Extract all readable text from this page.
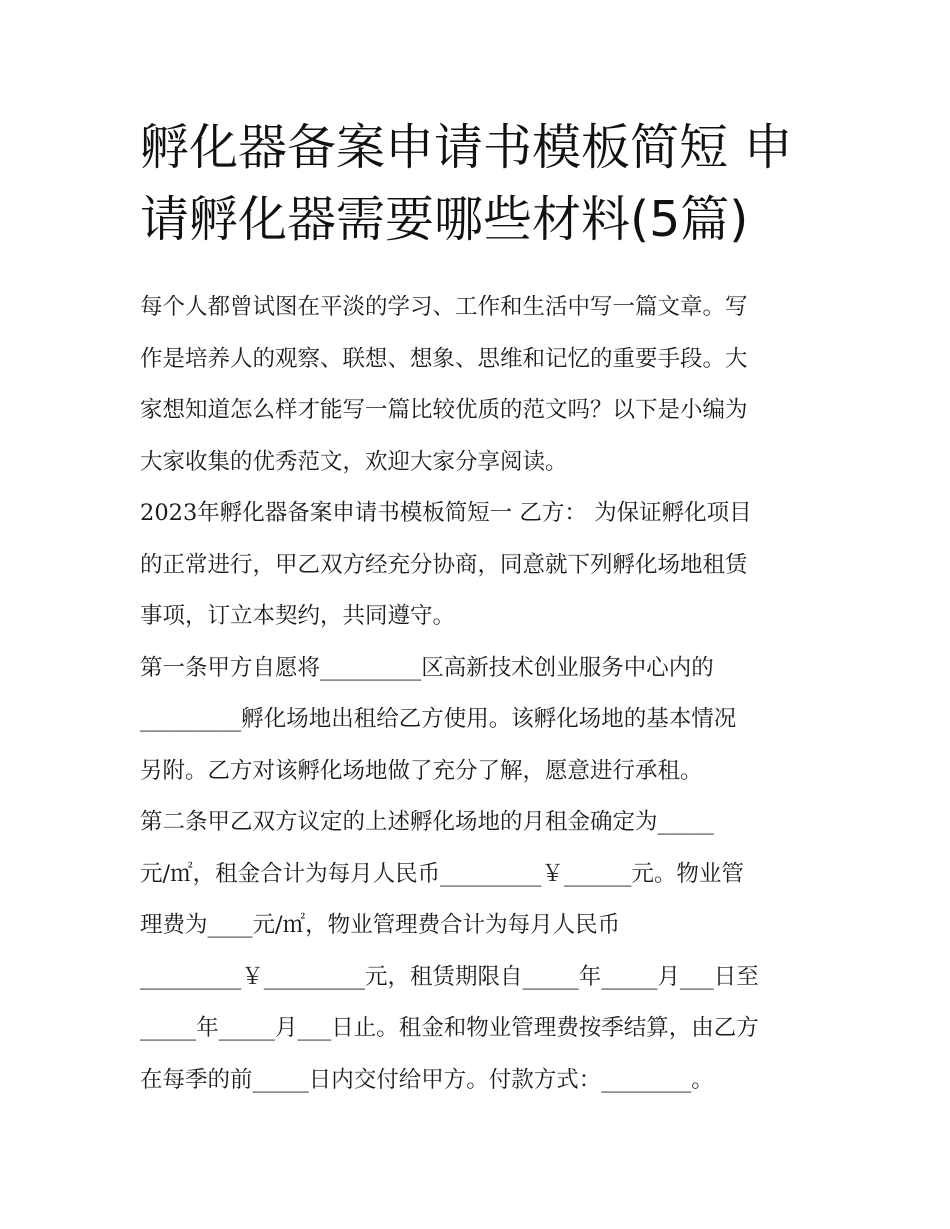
孵化器备案申请书模板简短 申
请孵化器需要哪些材料(5篇)
每个人都曾试图在平淡的学习、工作和生活中写一篇文章。写
作是培养人的观察、联想、想象、思维和记忆的重要手段。大
家想知道怎么样才能写一篇比较优质的范文吗？以下是小编为
大家收集的优秀范文，欢迎大家分享阅读。
2023年孵化器备案申请书模板简短一 乙方： 为保证孵化项目
的正常进行，甲乙双方经充分协商，同意就下列孵化场地租赁
事项，订立本契约，共同遵守。
第一条甲方自愿将_________区高新技术创业服务中心内的
_________孵化场地出租给乙方使用。该孵化场地的基本情况
另附。乙方对该孵化场地做了充分了解，愿意进行承租。
第二条甲乙双方议定的上述孵化场地的月租金确定为_____
元/㎡，租金合计为每月人民币_________￥______元。物业管
理费为____元/㎡，物业管理费合计为每月人民币
_________￥_________元，租赁期限自_____年_____月___日至
_____年_____月___日止。租金和物业管理费按季结算，由乙方
在每季的前_____日内交付给甲方。付款方式：________。
